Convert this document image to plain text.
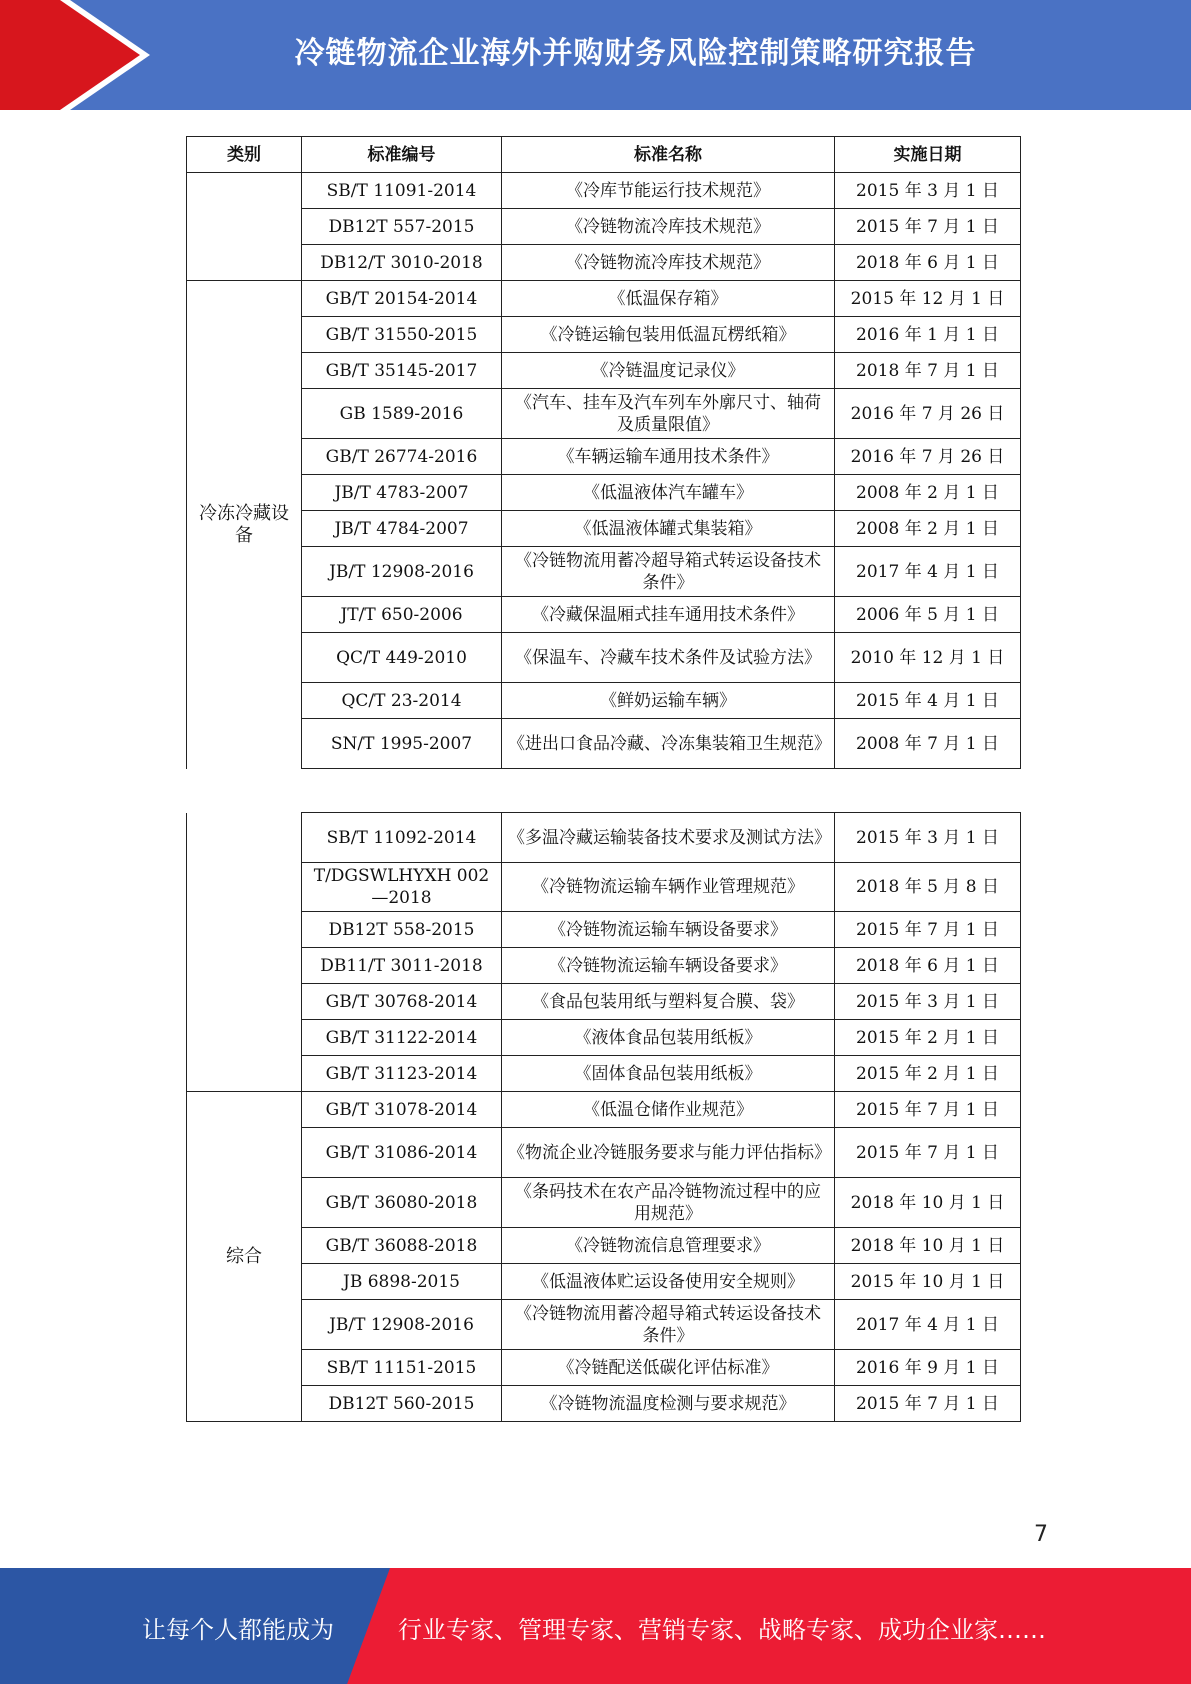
冷链物流企业海外并购财务风险控制策略研究报告
类别	标准编号	标准名称	实施日期
	SB/T 11091-2014	《冷库节能运行技术规范》	2015 年 3 月 1 日
	DB12T 557-2015	《冷链物流冷库技术规范》	2015 年 7 月 1 日
	DB12/T 3010-2018	《冷链物流冷库技术规范》	2018 年 6 月 1 日
冷冻冷藏设备	GB/T 20154-2014	《低温保存箱》	2015 年 12 月 1 日
	GB/T 31550-2015	《冷链运输包装用低温瓦楞纸箱》	2016 年 1 月 1 日
	GB/T 35145-2017	《冷链温度记录仪》	2018 年 7 月 1 日
	GB 1589-2016	《汽车、挂车及汽车列车外廓尺寸、轴荷及质量限值》	2016 年 7 月 26 日
	GB/T 26774-2016	《车辆运输车通用技术条件》	2016 年 7 月 26 日
	JB/T 4783-2007	《低温液体汽车罐车》	2008 年 2 月 1 日
	JB/T 4784-2007	《低温液体罐式集装箱》	2008 年 2 月 1 日
	JB/T 12908-2016	《冷链物流用蓄冷超导箱式转运设备技术条件》	2017 年 4 月 1 日
	JT/T 650-2006	《冷藏保温厢式挂车通用技术条件》	2006 年 5 月 1 日
	QC/T 449-2010	《保温车、冷藏车技术条件及试验方法》	2010 年 12 月 1 日
	QC/T 23-2014	《鲜奶运输车辆》	2015 年 4 月 1 日
	SN/T 1995-2007	《进出口食品冷藏、冷冻集装箱卫生规范》	2008 年 7 月 1 日
	SB/T 11092-2014	《多温冷藏运输装备技术要求及测试方法》	2015 年 3 月 1 日
	T/DGSWLHYXH 002—2018	《冷链物流运输车辆作业管理规范》	2018 年 5 月 8 日
	DB12T 558-2015	《冷链物流运输车辆设备要求》	2015 年 7 月 1 日
	DB11/T 3011-2018	《冷链物流运输车辆设备要求》	2018 年 6 月 1 日
	GB/T 30768-2014	《食品包装用纸与塑料复合膜、袋》	2015 年 3 月 1 日
	GB/T 31122-2014	《液体食品包装用纸板》	2015 年 2 月 1 日
	GB/T 31123-2014	《固体食品包装用纸板》	2015 年 2 月 1 日
综合	GB/T 31078-2014	《低温仓储作业规范》	2015 年 7 月 1 日
	GB/T 31086-2014	《物流企业冷链服务要求与能力评估指标》	2015 年 7 月 1 日
	GB/T 36080-2018	《条码技术在农产品冷链物流过程中的应用规范》	2018 年 10 月 1 日
	GB/T 36088-2018	《冷链物流信息管理要求》	2018 年 10 月 1 日
	JB 6898-2015	《低温液体贮运设备使用安全规则》	2015 年 10 月 1 日
	JB/T 12908-2016	《冷链物流用蓄冷超导箱式转运设备技术条件》	2017 年 4 月 1 日
	SB/T 11151-2015	《冷链配送低碳化评估标准》	2016 年 9 月 1 日
	DB12T 560-2015	《冷链物流温度检测与要求规范》	2015 年 7 月 1 日
7
让每个人都能成为	行业专家、管理专家、营销专家、战略专家、成功企业家……
